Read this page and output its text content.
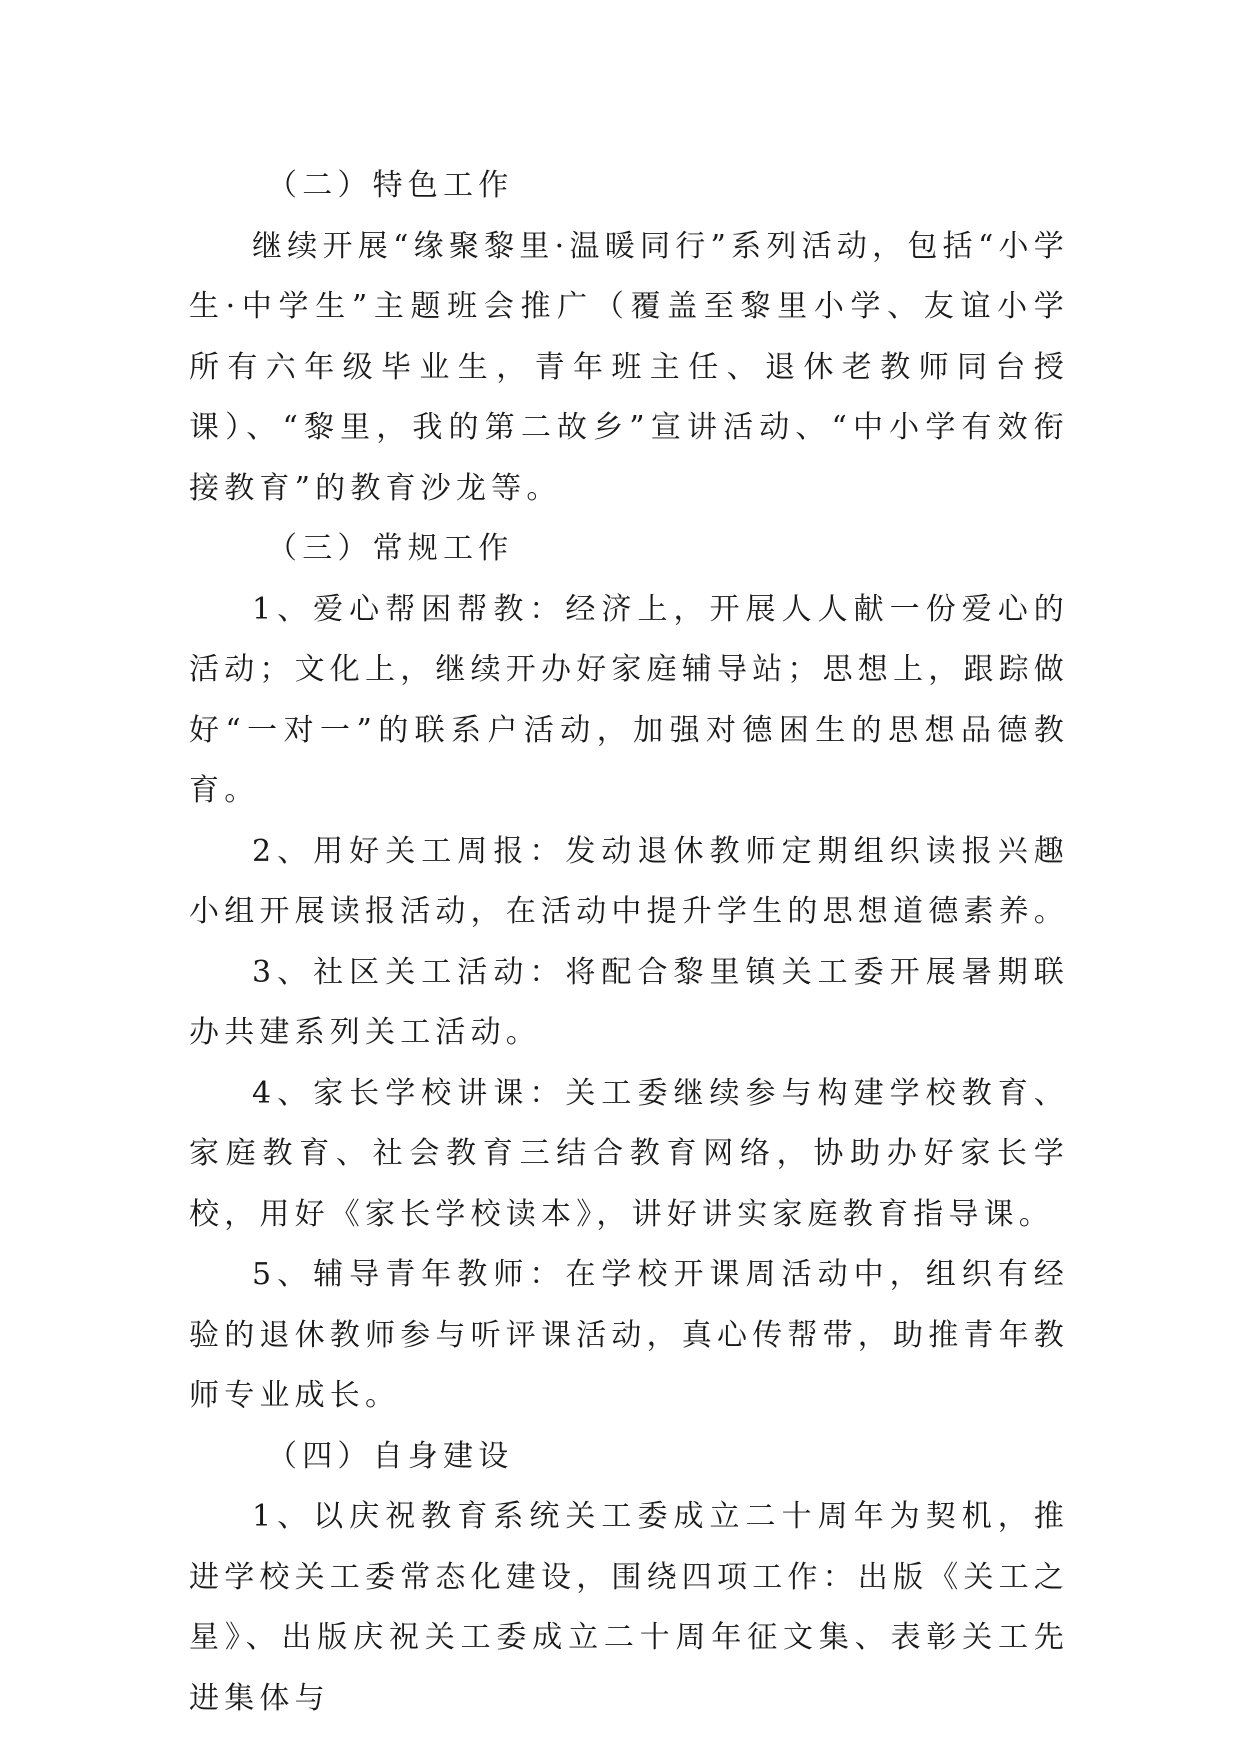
（二）特色工作

继续开展“缘聚黎里·温暖同行”系列活动，包括“小学生·中学生”主题班会推广（覆盖至黎里小学、友谊小学所有六年级毕业生，青年班主任、退休老教师同台授课）、“黎里，我的第二故乡”宣讲活动、“中小学有效衔接教育”的教育沙龙等。

（三）常规工作

1、爱心帮困帮教：经济上，开展人人献一份爱心的活动；文化上，继续开办好家庭辅导站；思想上，跟踪做好“一对一”的联系户活动，加强对德困生的思想品德教育。

2、用好关工周报：发动退休教师定期组织读报兴趣小组开展读报活动，在活动中提升学生的思想道德素养。

3、社区关工活动：将配合黎里镇关工委开展暑期联办共建系列关工活动。

4、家长学校讲课：关工委继续参与构建学校教育、家庭教育、社会教育三结合教育网络，协助办好家长学校，用好《家长学校读本》，讲好讲实家庭教育指导课。

5、辅导青年教师：在学校开课周活动中，组织有经验的退休教师参与听评课活动，真心传帮带，助推青年教师专业成长。

（四）自身建设

1、以庆祝教育系统关工委成立二十周年为契机，推进学校关工委常态化建设，围绕四项工作：出版《关工之星》、出版庆祝关工委成立二十周年征文集、表彰关工先进集体与
